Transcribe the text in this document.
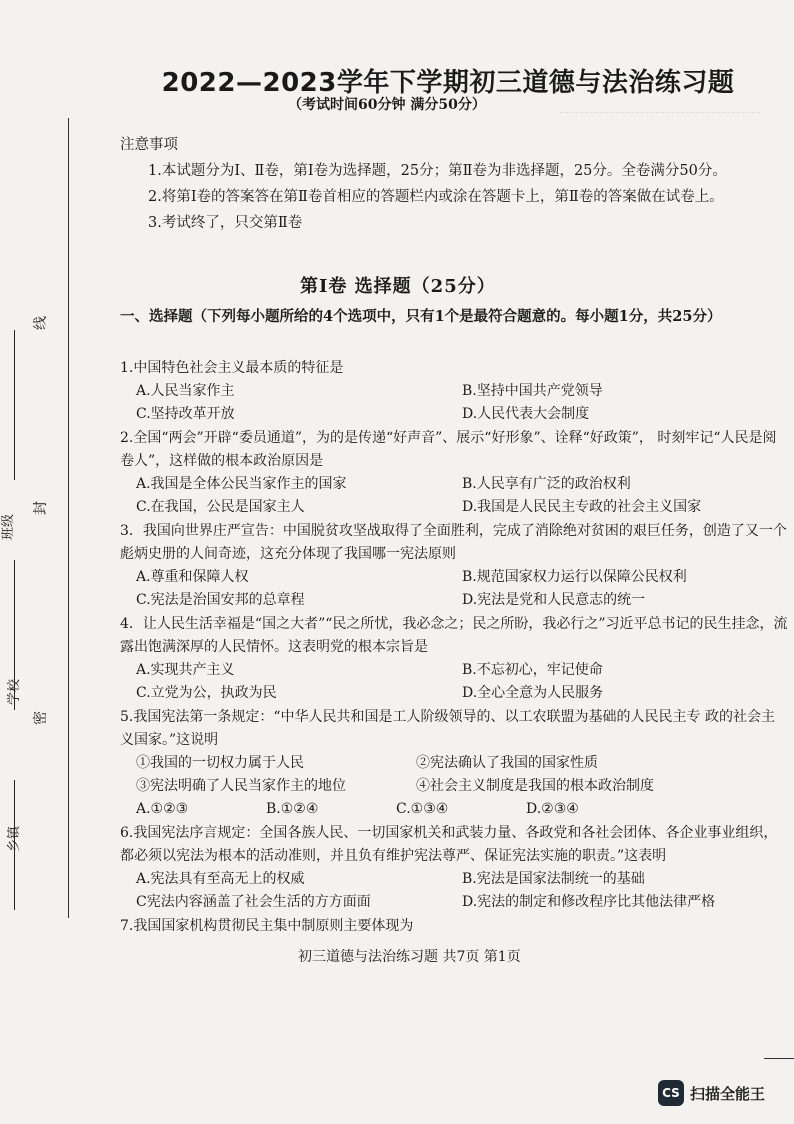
班级
学校
乡镇
线
封
密
2022—2023学年下学期初三道德与法治练习题
（考试时间60分钟 满分50分）

注意事项

1.本试题分为Ⅰ、Ⅱ卷，第Ⅰ卷为选择题，25分；第Ⅱ卷为非选择题，25分。全卷满分50分。

2.将第Ⅰ卷的答案答在第Ⅱ卷首相应的答题栏内或涂在答题卡上，第Ⅱ卷的答案做在试卷上。

3.考试终了，只交第Ⅱ卷

第Ⅰ卷 选择题（25分）
一、选择题（下列每小题所给的4个选项中，只有1个是最符合题意的。每小题1分，共25分）

1.中国特色社会主义最本质的特征是

A.人民当家作主	B.坚持中国共产党领导
C.坚持改革开放	D.人民代表大会制度

2.全国“两会”开辟“委员通道”，为的是传递“好声音”、展示“好形象”、诠释“好政策”， 时刻牢记“人民是阅卷人”，这样做的根本政治原因是

A.我国是全体公民当家作主的国家	B.人民享有广泛的政治权利
C.在我国，公民是国家主人	D.我国是人民民主专政的社会主义国家

3．我国向世界庄严宣告：中国脱贫攻坚战取得了全面胜利，完成了消除绝对贫困的艰巨任务，创造了又一个彪炳史册的人间奇迹，这充分体现了我国哪一宪法原则

A.尊重和保障人权	B.规范国家权力运行以保障公民权利
C.宪法是治国安邦的总章程	D.宪法是党和人民意志的统一

4．让人民生活幸福是“国之大者”“民之所忧，我必念之；民之所盼，我必行之”习近平总书记的民生挂念，流露出饱满深厚的人民情怀。这表明党的根本宗旨是

A.实现共产主义	B.不忘初心，牢记使命
C.立党为公，执政为民	D.全心全意为人民服务

5.我国宪法第一条规定：“中华人民共和国是工人阶级领导的、以工农联盟为基础的人民民主专 政的社会主义国家。”这说明

①我国的一切权力属于人民	②宪法确认了我国的国家性质
③宪法明确了人民当家作主的地位	④社会主义制度是我国的根本政治制度
A.①②③	B.①②④	C.①③④	D.②③④

6.我国宪法序言规定：全国各族人民、一切国家机关和武装力量、各政党和各社会团体、各企业事业组织，都必须以宪法为根本的活动准则，并且负有维护宪法尊严、保证宪法实施的职责。”这表明

A.宪法具有至高无上的权威	B.宪法是国家法制统一的基础
C宪法内容涵盖了社会生活的方方面面	D.宪法的制定和修改程序比其他法律严格

7.我国国家机构贯彻民主集中制原则主要体现为

初三道德与法治练习题 共7页 第1页
CS 扫描全能王
